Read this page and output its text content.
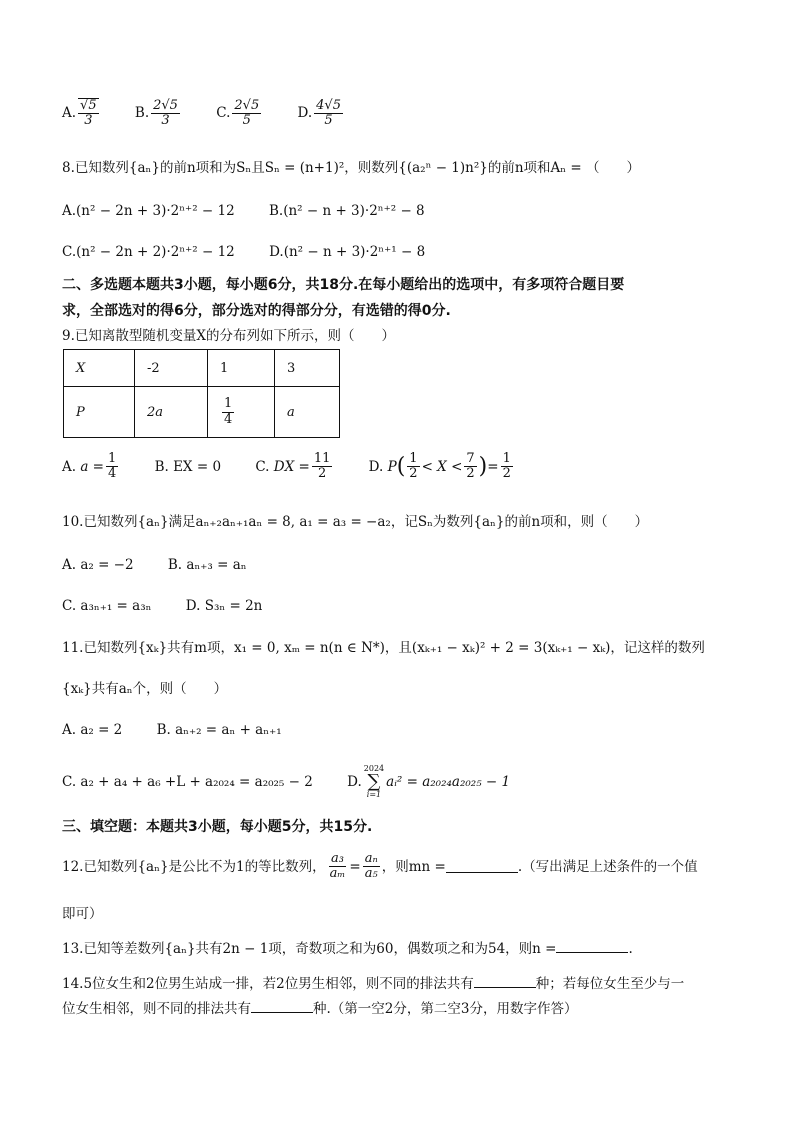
A. $\frac{√5}{3}$
	B. $\frac{2√5}{3}$
	C. $\frac{2√5}{5}$
	D. $\frac{4√5}{5}$
8.已知数列{aₙ}的前n项和为Sₙ且Sₙ = (n+1)²，则数列{(a₂ⁿ − 1)n²}的前n项和Aₙ = （　　）
A.(n² − 2n + 3)·2ⁿ⁺² − 12	B.(n² − n + 3)·2ⁿ⁺² − 8
C.(n² − 2n + 2)·2ⁿ⁺² − 12	D.(n² − n + 3)·2ⁿ⁺¹ − 8
二、多选题本题共3小题，每小题6分，共18分.在每小题给出的选项中，有多项符合题目要
求，全部选对的得6分，部分选对的得部分分，有选错的得0分.
9.已知离散型随机变量X的分布列如下所示，则（　　）
X	-2	1	3
P	2a	$\frac{1}{4}$	a
A.
$a = \frac{1}{4}$	B. EX = 0	C.
DX = $\frac{11}{2}$
	D.
P ( $\frac{1}{2} < X < \frac{7}{2}$ ) = $\frac{1}{2}$
10.已知数列{aₙ}满足aₙ₊₂aₙ₊₁aₙ = 8, a₁ = a₃ = −a₂，记Sₙ为数列{aₙ}的前n项和，则（　　）
A. a₂ = −2	B. aₙ₊₃ = aₙ
C. a₃ₙ₊₁ = a₃ₙ	D. S₃ₙ = 2n
11.已知数列{xₖ}共有m项，x₁ = 0, xₘ = n(n ∈ N*)，且(xₖ₊₁ − xₖ)² + 2 = 3(xₖ₊₁ − xₖ)，记这样的数列
{xₖ}共有aₙ个，则（　　）
A. a₂ = 2	B. aₙ₊₂ = aₙ + aₙ₊₁
C. a₂ + a₄ + a₆ +L + a₂₀₂₄ = a₂₀₂₅ − 2	D.
2024
∑
i=1
aᵢ² = a₂₀₂₄a₂₀₂₅ − 1
三、填空题：本题共3小题，每小题5分，共15分.
12.已知数列{aₙ}是公比不为1的等比数列， $\frac{\text{a₃}}{\text{aₘ}} = \frac{\text{aₙ}}{\text{a₅}}$ ，则mn =	.（写出满足上述条件的一个值
即可）
13.已知等差数列{aₙ}共有2n − 1项，奇数项之和为60，偶数项之和为54，则n =	.
14.5位女生和2位男生站成一排，若2位男生相邻，则不同的排法共有	种；若每位女生至少与一
位女生相邻，则不同的排法共有	种.（第一空2分，第二空3分，用数字作答）
